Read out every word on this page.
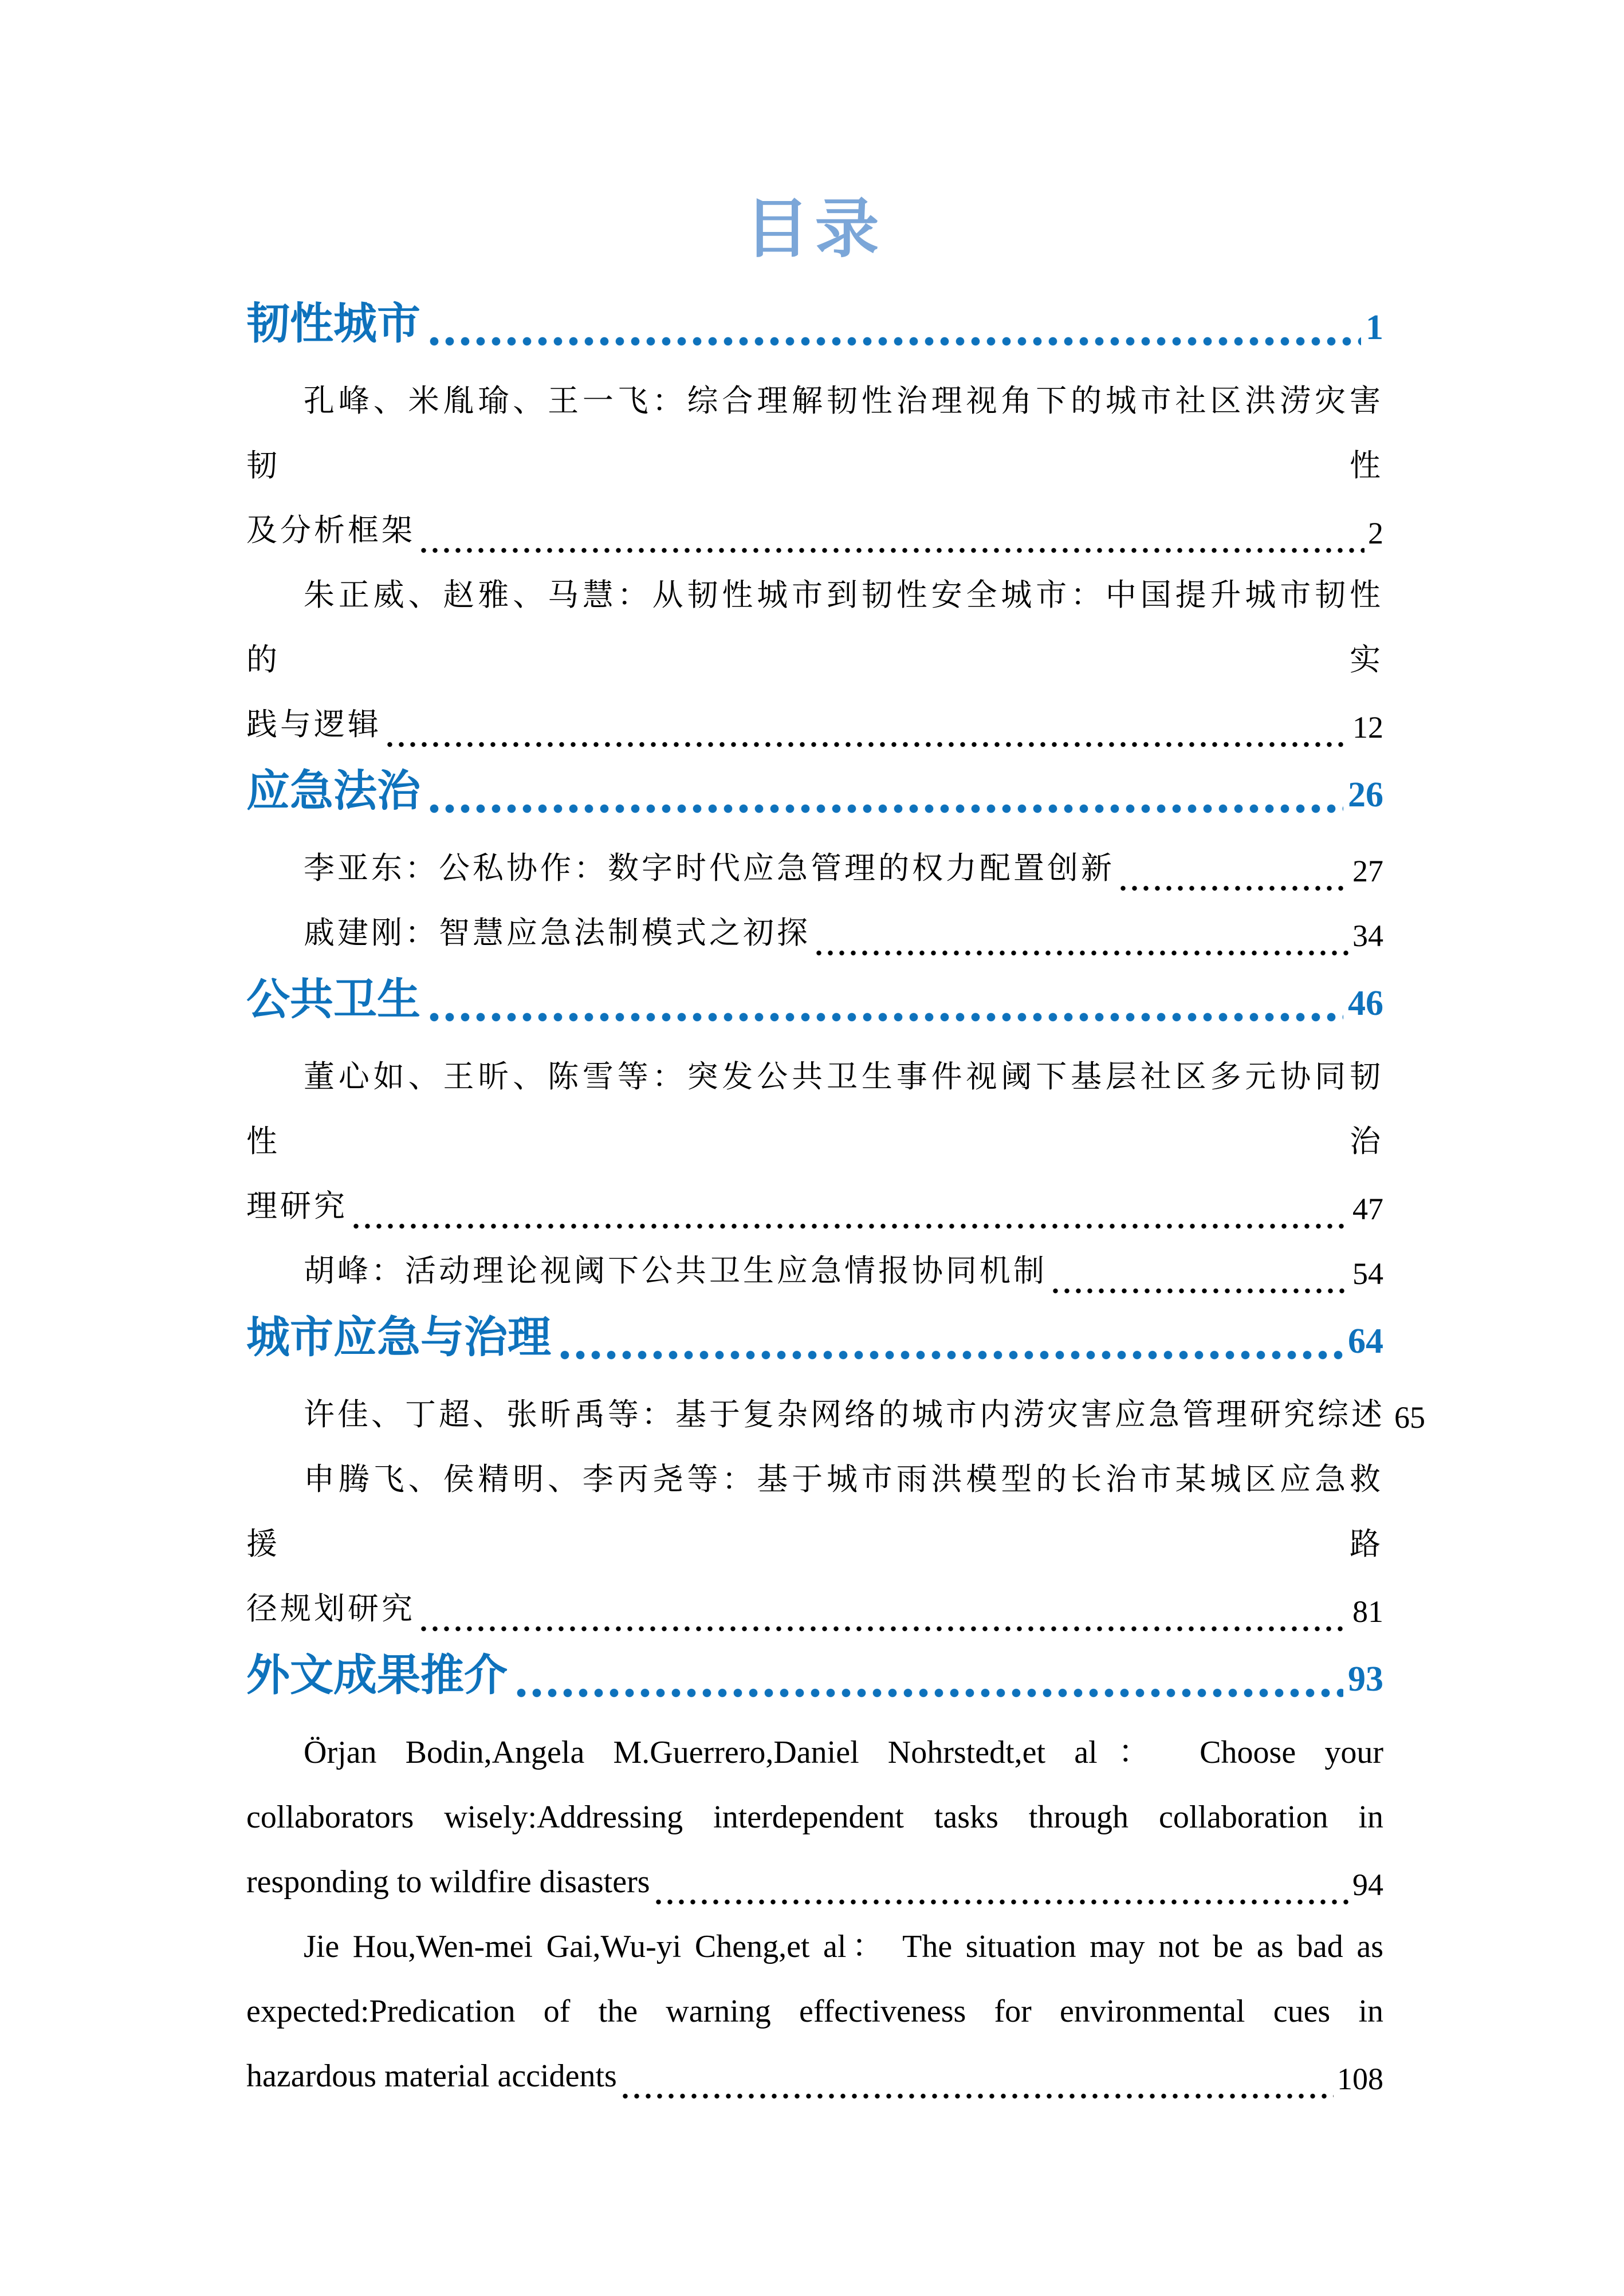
目录
韧性城市	1
孔峰、米胤瑜、王一飞：综合理解韧性治理视角下的城市社区洪涝灾害韧性
及分析框架	2
朱正威、赵雅、马慧：从韧性城市到韧性安全城市：中国提升城市韧性的实
践与逻辑	12
应急法治	26
李亚东：公私协作：数字时代应急管理的权力配置创新	27
戚建刚：智慧应急法制模式之初探	34
公共卫生	46
董心如、王昕、陈雪等：突发公共卫生事件视阈下基层社区多元协同韧性治
理研究	47
胡峰：活动理论视阈下公共卫生应急情报协同机制	54
城市应急与治理	64
许佳、丁超、张昕禹等：基于复杂网络的城市内涝灾害应急管理研究综述 65
申腾飞、侯精明、李丙尧等：基于城市雨洪模型的长治市某城区应急救援路
径规划研究	81
外文成果推介	93
Örjan Bodin,Angela M.Guerrero,Daniel Nohrstedt,et al： Choose your
collaborators wisely:Addressing interdependent tasks through collaboration in
responding to wildfire disasters	94
Jie Hou,Wen-mei Gai,Wu-yi Cheng,et al： The situation may not be as bad as
expected:Predication of the warning effectiveness for environmental cues in
hazardous material accidents	108
